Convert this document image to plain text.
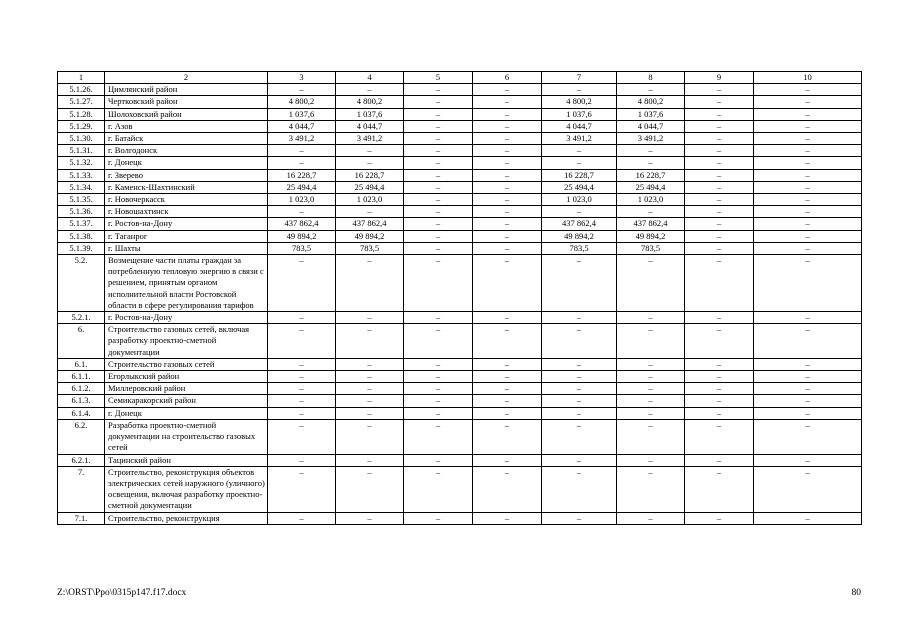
1	2	3	4	5	6	7	8	9	10
5.1.26.	Цимлянский район	–	–	–	–	–	–	–	–
5.1.27.	Чертковский район	4 800,2	4 800,2	–	–	4 800,2	4 800,2	–	–
5.1.28.	Шолоховский район	1 037,6	1 037,6	–	–	1 037,6	1 037,6	–	–
5.1.29.	г. Азов	4 044,7	4 044,7	–	–	4 044,7	4 044,7	–	–
5.1.30.	г. Батайск	3 491,2	3 491,2	–	–	3 491,2	3 491,2	–	–
5.1.31.	г. Волгодонск	–	–	–	–	–	–	–	–
5.1.32.	г. Донецк	–	–	–	–	–	–	–	–
5.1.33.	г. Зверево	16 228,7	16 228,7	–	–	16 228,7	16 228,7	–	–
5.1.34.	г. Каменск-Шахтинский	25 494,4	25 494,4	–	–	25 494,4	25 494,4	–	–
5.1.35.	г. Новочеркасск	1 023,0	1 023,0	–	–	1 023,0	1 023,0	–	–
5.1.36.	г. Новошахтинск	–	–	–	–	–	–	–	–
5.1.37.	г. Ростов-на-Дону	437 862,4	437 862,4	–	–	437 862,4	437 862,4	–	–
5.1.38.	г. Таганрог	49 894,2	49 894,2	–	–	49 894,2	49 894,2	–	–
5.1.39.	г. Шахты	783,5	783,5	–	–	783,5	783,5	–	–
5.2.	Возмещение части платы граждан за потребленную тепловую энергию в связи с решением, принятым органом исполнительной власти Ростовской области в сфере регулирования тарифов	–	–	–	–	–	–	–	–
5.2.1.	г. Ростов-на-Дону	–	–	–	–	–	–	–	–
6.	Строительство газовых сетей, включая разработку проектно-сметной документации	–	–	–	–	–	–	–	–
6.1.	Строительство газовых сетей	–	–	–	–	–	–	–	–
6.1.1.	Егорлыкский район	–	–	–	–	–	–	–	–
6.1.2.	Миллеровский район	–	–	–	–	–	–	–	–
6.1.3.	Семикаракорский район	–	–	–	–	–	–	–	–
6.1.4.	г. Донецк	–	–	–	–	–	–	–	–
6.2.	Разработка проектно-сметной документации на строительство газовых сетей	–	–	–	–	–	–	–	–
6.2.1.	Тацинский район	–	–	–	–	–	–	–	–
7.	Строительство, реконструкция объектов электрических сетей наружного (уличного) освещения, включая разработку проектно-сметной документации	–	–	–	–	–	–	–	–
7.1.	Строительство, реконструкция	–	–	–	–	–	–	–	–
Z:\ORST\Ppo\0315p147.f17.docx	80
